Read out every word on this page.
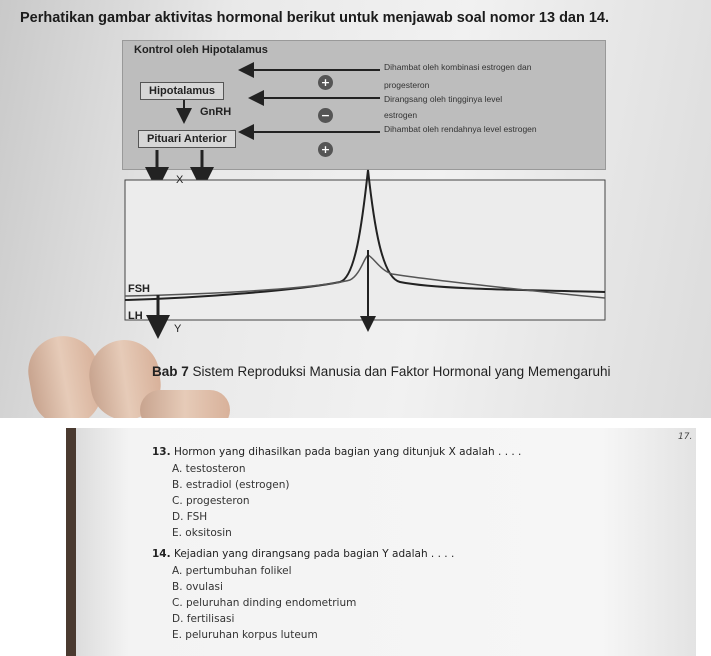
Perhatikan gambar aktivitas hormonal berikut untuk menjawab soal nomor 13 dan 14.
Kontrol oleh Hipotalamus
Hipotalamus
GnRH
Pituari Anterior
+
−
+
Dihambat oleh kombinasi estrogen dan
progesteron
Dirangsang oleh tingginya level
estrogen
Dihambat oleh rendahnya level estrogen
X
FSH
LH
Y
Bab 7 Sistem Reproduksi Manusia dan Faktor Hormonal yang Memengaruhi
17.
13. Hormon yang dihasilkan pada bagian yang ditunjuk X adalah . . . .
A. testosteron
B. estradiol (estrogen)
C. progesteron
D. FSH
E. oksitosin
14. Kejadian yang dirangsang pada bagian Y adalah . . . .
A. pertumbuhan folikel
B. ovulasi
C. peluruhan dinding endometrium
D. fertilisasi
E. peluruhan korpus luteum
